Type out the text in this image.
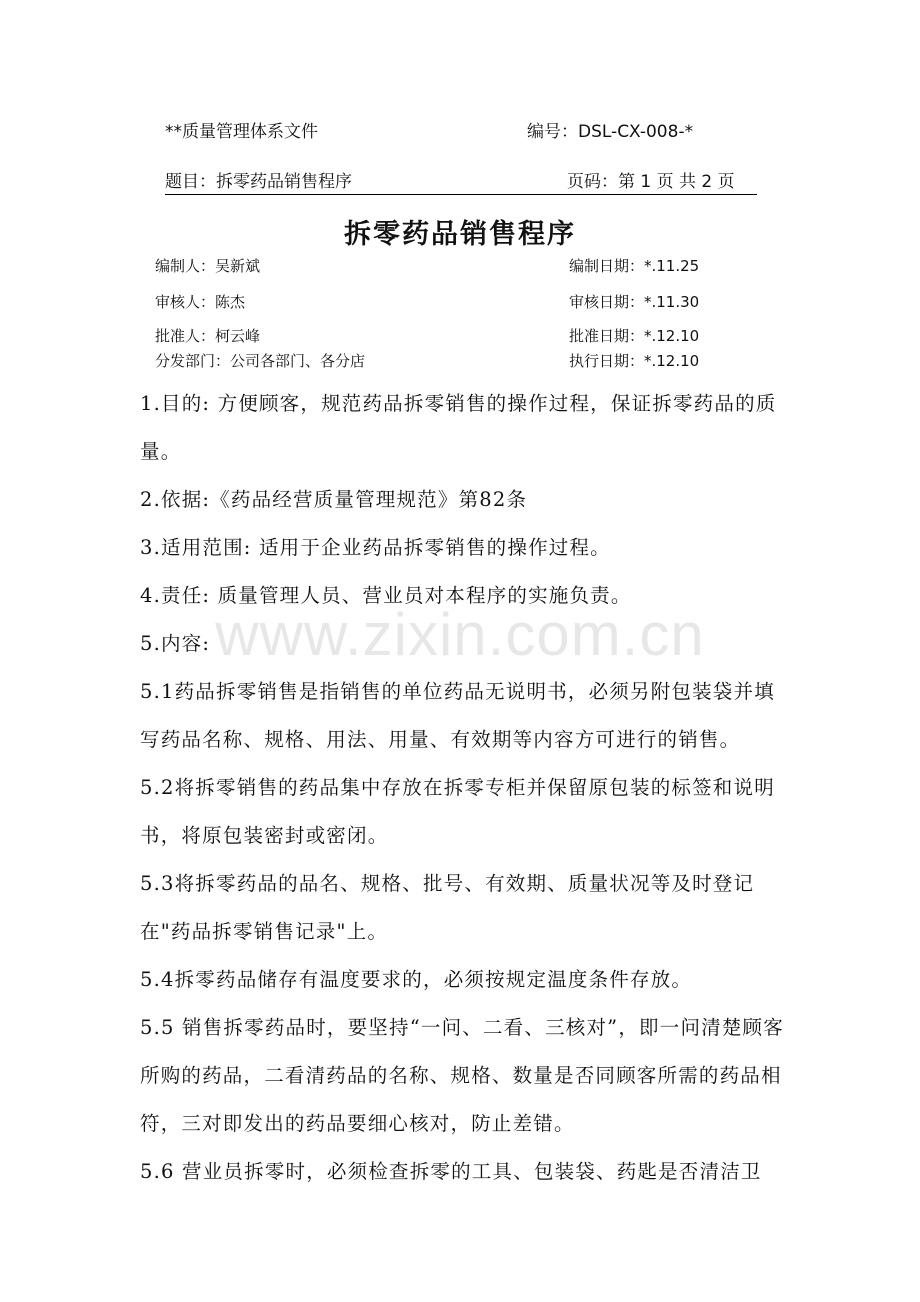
www.zixin.com.cn
**质量管理体系文件	编号：DSL-CX-008-*
题目：拆零药品销售程序	页码：第 1 页 共 2 页
拆零药品销售程序
编制人：吴新斌	编制日期：*.11.25
审核人：陈杰	审核日期：*.11.30
批准人：柯云峰	批准日期：*.12.10
分发部门：公司各部门、各分店	执行日期：*.12.10

1.目的: 方便顾客，规范药品拆零销售的操作过程，保证拆零药品的质量。

2.依据:《药品经营质量管理规范》第82条

3.适用范围: 适用于企业药品拆零销售的操作过程。

4.责任: 质量管理人员、营业员对本程序的实施负责。

5.内容:

5.1药品拆零销售是指销售的单位药品无说明书，必须另附包装袋并填写药品名称、规格、用法、用量、有效期等内容方可进行的销售。

5.2将拆零销售的药品集中存放在拆零专柜并保留原包装的标签和说明书，将原包装密封或密闭。

5.3将拆零药品的品名、规格、批号、有效期、质量状况等及时登记在"药品拆零销售记录"上。

5.4拆零药品储存有温度要求的，必须按规定温度条件存放。

5.5 销售拆零药品时，要坚持“一问、二看、三核对”，即一问清楚顾客所购的药品，二看清药品的名称、规格、数量是否同顾客所需的药品相符，三对即发出的药品要细心核对，防止差错。

5.6 营业员拆零时，必须检查拆零的工具、包装袋、药匙是否清洁卫
